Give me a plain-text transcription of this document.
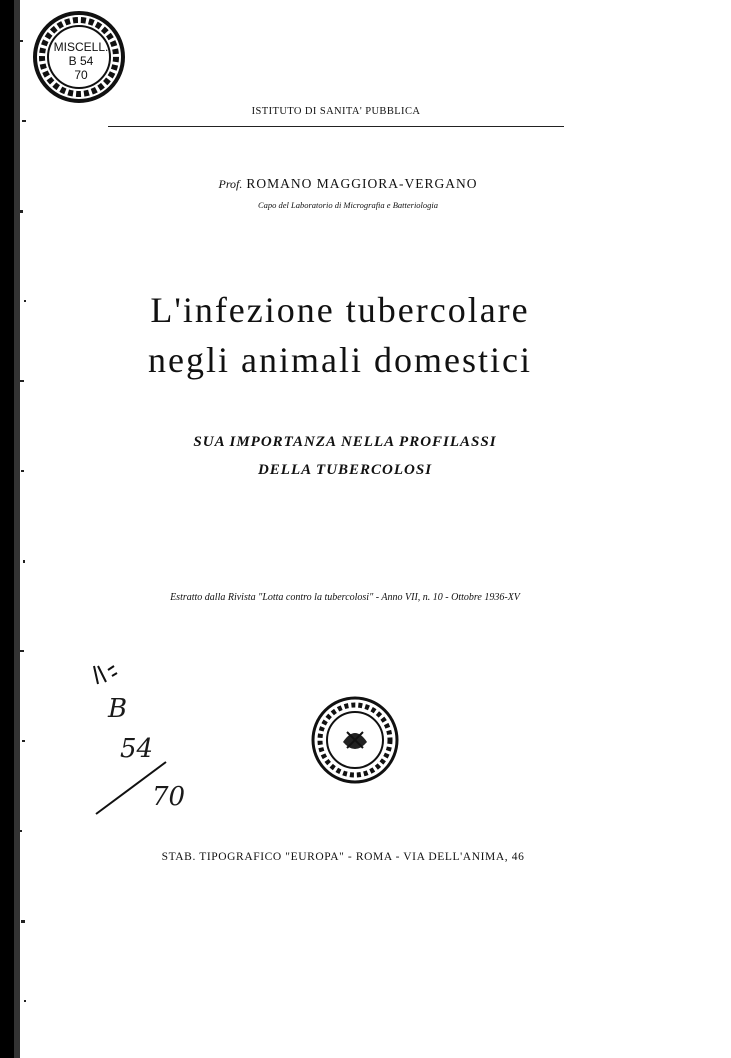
MISCELL.
B 54
70
ISTITUTO DI SANITA' PUBBLICA
Prof. ROMANO MAGGIORA-VERGANO
Capo del Laboratorio di Micrografia e Batteriologia
L'infezione tubercolare
negli animali domestici
SUA IMPORTANZA NELLA PROFILASSI
DELLA TUBERCOLOSI
Estratto dalla Rivista "Lotta contro la tubercolosi" - Anno VII, n. 10 - Ottobre 1936-XV
B
54
70
STAB. TIPOGRAFICO "EUROPA" - ROMA - VIA DELL'ANIMA, 46
